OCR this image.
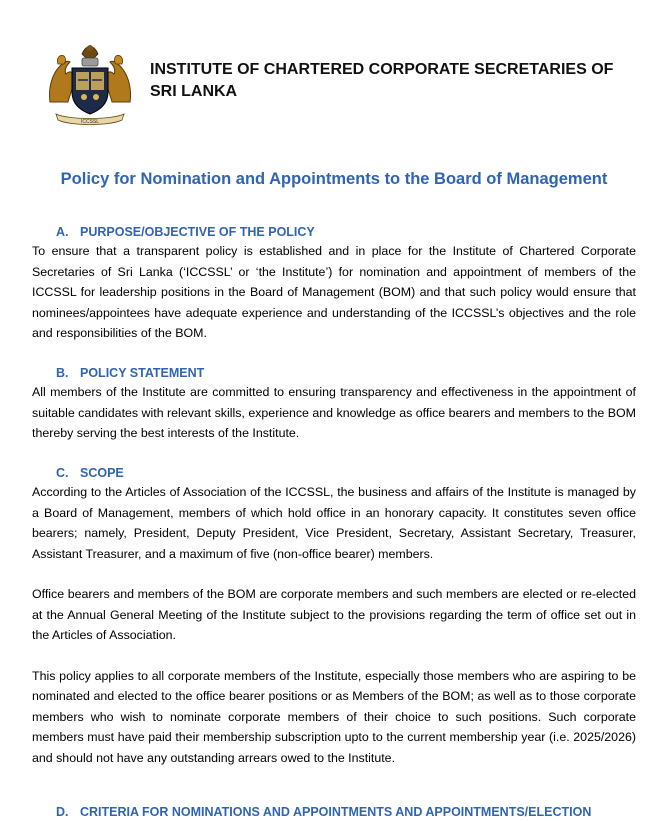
ICCSSL
INSTITUTE OF CHARTERED CORPORATE SECRETARIES OF SRI LANKA
Policy for Nomination and Appointments to the Board of Management
A. PURPOSE/OBJECTIVE OF THE POLICY

To ensure that a transparent policy is established and in place for the Institute of Chartered Corporate Secretaries of Sri Lanka (‘ICCSSL’ or ‘the Institute’) for nomination and appointment of members of the ICCSSL for leadership positions in the Board of Management (BOM) and that such policy would ensure that nominees/appointees have adequate experience and understanding of the ICCSSL’s objectives and the role and responsibilities of the BOM.

B. POLICY STATEMENT

All members of the Institute are committed to ensuring transparency and effectiveness in the appointment of suitable candidates with relevant skills, experience and knowledge as office bearers and members to the BOM thereby serving the best interests of the Institute.

C. SCOPE

According to the Articles of Association of the ICCSSL, the business and affairs of the Institute is managed by a Board of Management, members of which hold office in an honorary capacity. It constitutes seven office bearers; namely, President, Deputy President, Vice President, Secretary, Assistant Secretary, Treasurer, Assistant Treasurer, and a maximum of five (non-office bearer) members.

Office bearers and members of the BOM are corporate members and such members are elected or re-elected at the Annual General Meeting of the Institute subject to the provisions regarding the term of office set out in the Articles of Association.

This policy applies to all corporate members of the Institute, especially those members who are aspiring to be nominated and elected to the office bearer positions or as Members of the BOM; as well as to those corporate members who wish to nominate corporate members of their choice to such positions. Such corporate members must have paid their membership subscription upto to the current membership year (i.e. 2025/2026) and should not have any outstanding arrears owed to the Institute.

D. CRITERIA FOR NOMINATIONS AND APPOINTMENTS AND APPOINTMENTS/ELECTION
